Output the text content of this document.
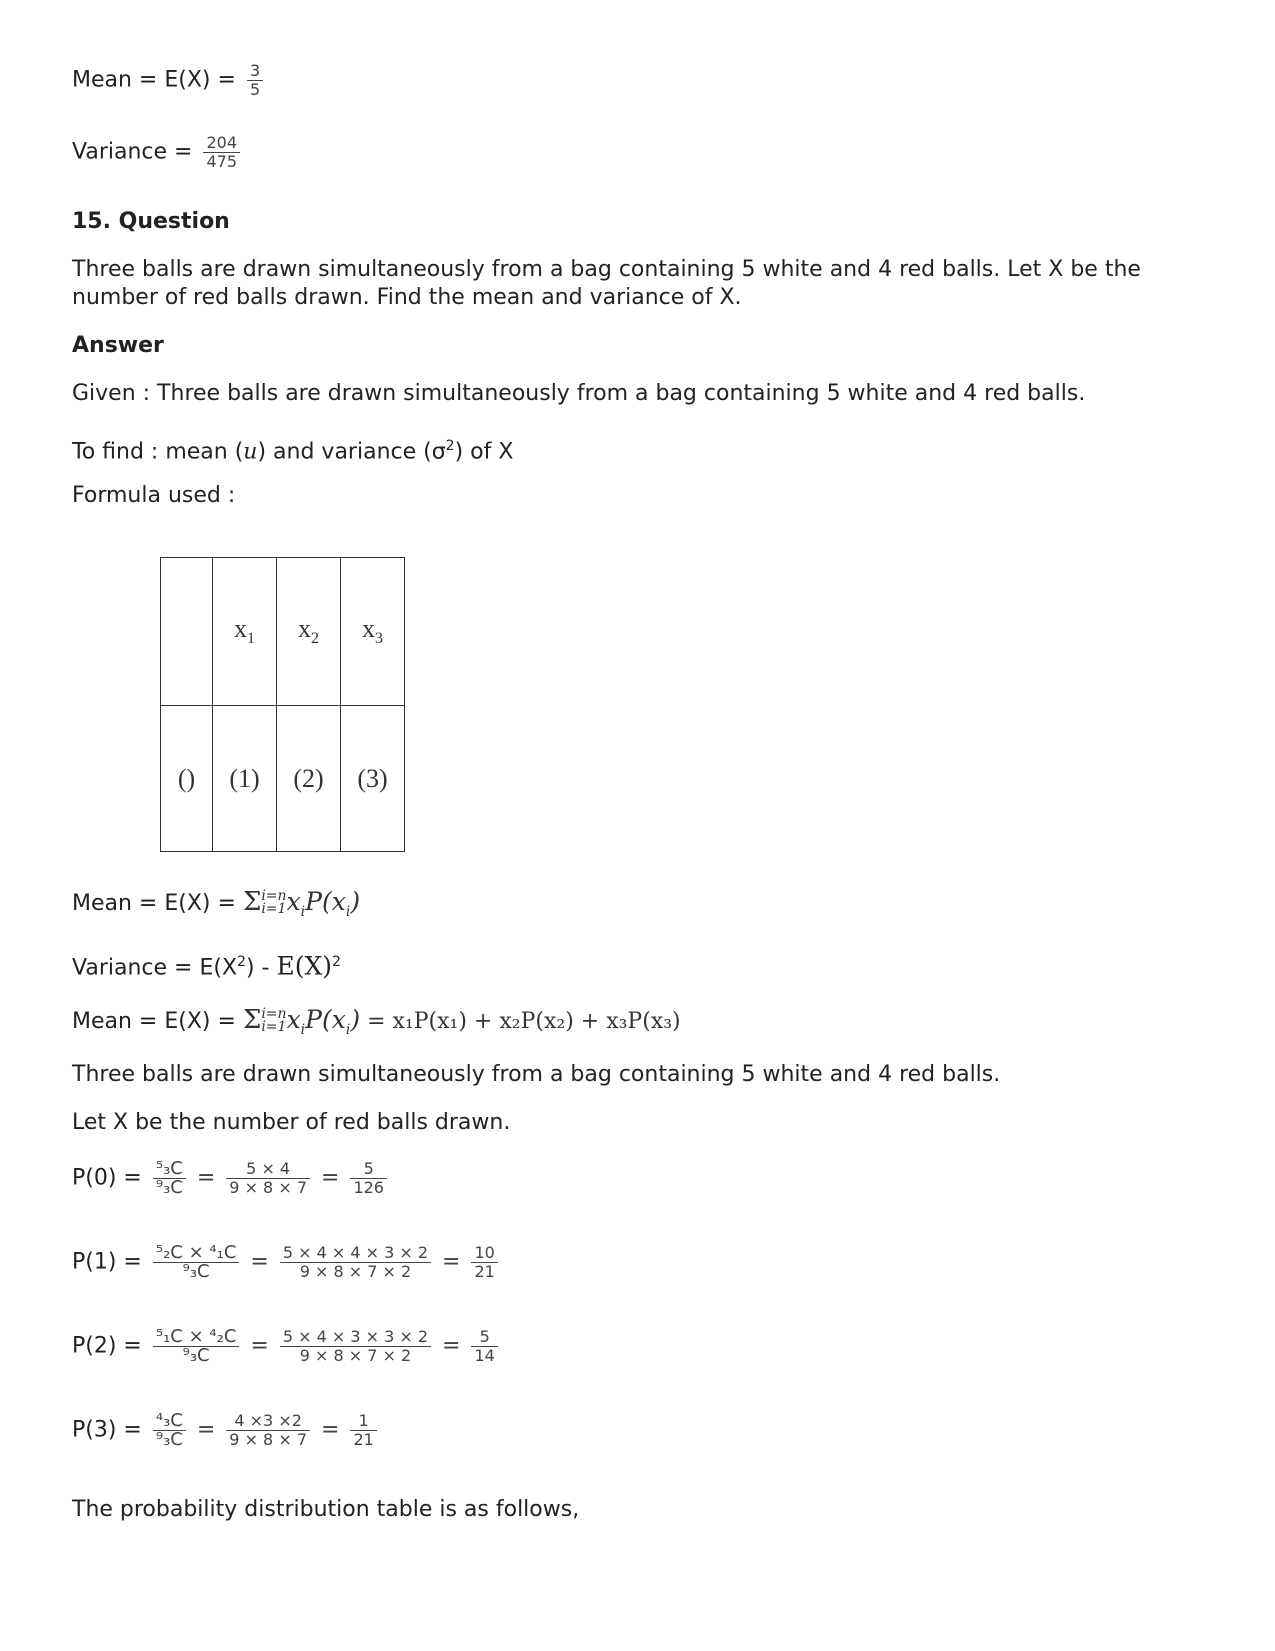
Mean = $E(X) = \frac{3}{5}$
Variance = $\frac{204}{475}$
15. Question
Three balls are drawn simultaneously from a bag containing 5 white and 4 red balls. Let X be the
number of red balls drawn. Find the mean and variance of X.
Answer
Given : Three balls are drawn simultaneously from a bag containing 5 white and 4 red balls.
To find : mean (u) and variance $(\sigma^2)$ of X
Formula used :
	$x_1$	$x_2$	$x_3$
()	(1)	(2)	(3)
Mean = E(X) = Σi=n
$i=1x_iP(x_i)$
Variance = $E(X^2) - E(X)^2$
Mean = E(X) = Σi=n
$i=1x_iP(x_i) = x_1P(x_1) + x_2P(x_2) + x_3P(x_3)$
Three balls are drawn simultaneously from a bag containing 5 white and 4 red balls.
Let X be the number of red balls drawn.
$P(0) = \frac{\text{⁵₃C}}{\text{⁹₃C}} = \frac{5 \times 4}{9 \times 8 \times 7} = \frac{5}{126}$
$P(1) = \frac{\text{⁵₂C × ⁴₁C}}{\text{⁹₃C}} = \frac{5 \times 4 \times 4 \times 3 \times 2}{9 \times 8 \times 7 \times 2} = \frac{10}{21}$
$P(2) = \frac{\text{⁵₁C × ⁴₂C}}{\text{⁹₃C}} = \frac{5 \times 4 \times 3 \times 3 \times 2}{9 \times 8 \times 7 \times 2} = \frac{5}{14}$
$P(3) = \frac{\text{⁴₃C}}{\text{⁹₃C}} = \frac{4 \times 3 \times 2}{9 \times 8 \times 7} = \frac{1}{21}$
The probability distribution table is as follows,
